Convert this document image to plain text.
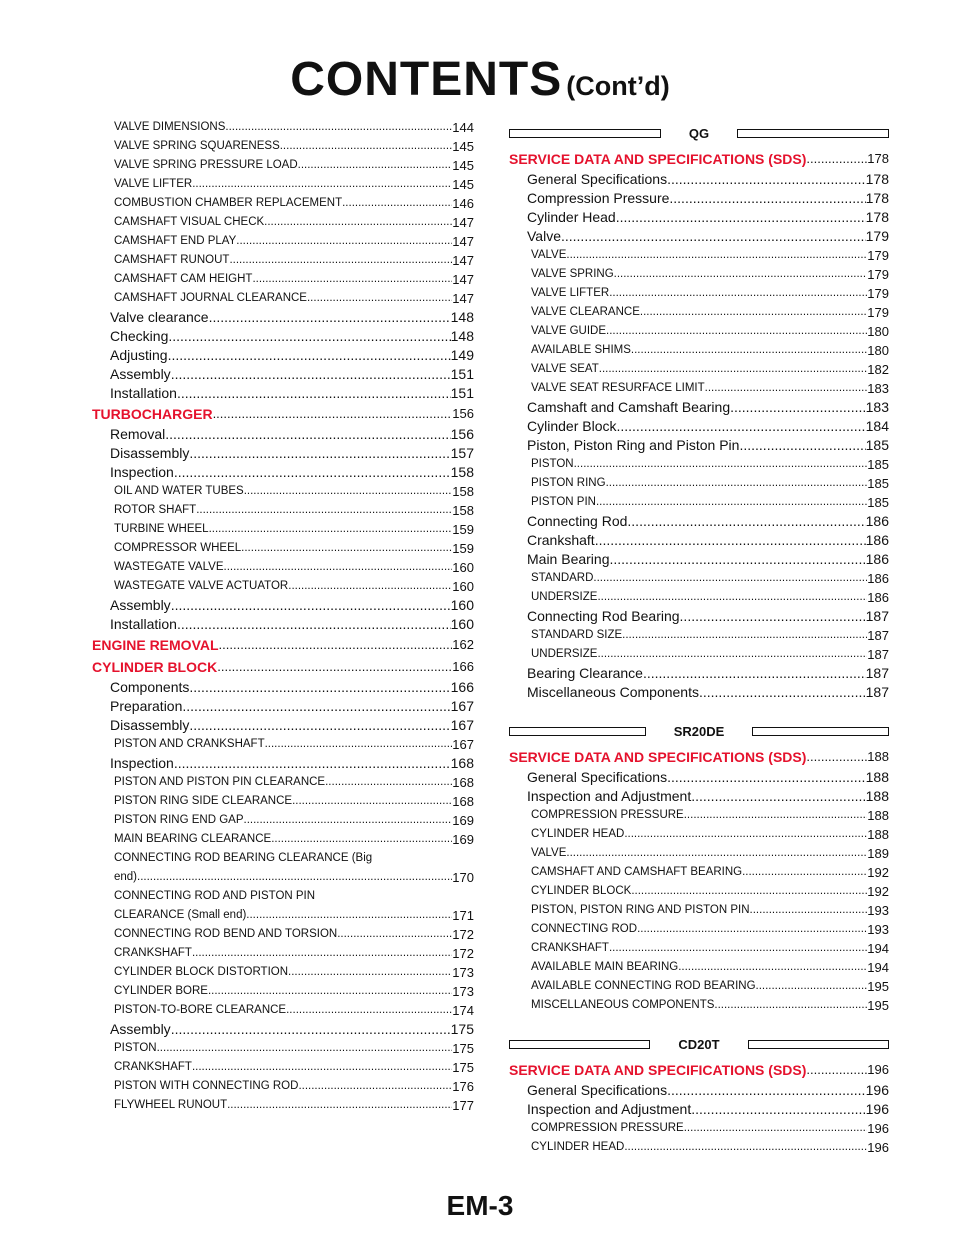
CONTENTS (Cont’d)
VALVE DIMENSIONS .....	144
VALVE SPRING SQUARENESS .....	145
VALVE SPRING PRESSURE LOAD .....	145
VALVE LIFTER .....	145
COMBUSTION CHAMBER REPLACEMENT .....	146
CAMSHAFT VISUAL CHECK .....	147
CAMSHAFT END PLAY .....	147
CAMSHAFT RUNOUT .....	147
CAMSHAFT CAM HEIGHT .....	147
CAMSHAFT JOURNAL CLEARANCE .....	147
Valve clearance .....	148
Checking .....	148
Adjusting .....	149
Assembly .....	151
Installation .....	151
TURBOCHARGER .....	156
Removal .....	156
Disassembly .....	157
Inspection .....	158
OIL AND WATER TUBES .....	158
ROTOR SHAFT .....	158
TURBINE WHEEL .....	159
COMPRESSOR WHEEL .....	159
WASTEGATE VALVE .....	160
WASTEGATE VALVE ACTUATOR .....	160
Assembly .....	160
Installation .....	160
ENGINE REMOVAL .....	162
CYLINDER BLOCK .....	166
Components .....	166
Preparation .....	167
Disassembly .....	167
PISTON AND CRANKSHAFT .....	167
Inspection .....	168
PISTON AND PISTON PIN CLEARANCE .....	168
PISTON RING SIDE CLEARANCE .....	168
PISTON RING END GAP .....	169
MAIN BEARING CLEARANCE .....	169
CONNECTING ROD BEARING CLEARANCE (Big
end) .....	170
CONNECTING ROD AND PISTON PIN
CLEARANCE (Small end) .....	171
CONNECTING ROD BEND AND TORSION .....	172
CRANKSHAFT .....	172
CYLINDER BLOCK DISTORTION .....	173
CYLINDER BORE .....	173
PISTON-TO-BORE CLEARANCE .....	174
Assembly .....	175
PISTON .....	175
CRANKSHAFT .....	175
PISTON WITH CONNECTING ROD .....	176
FLYWHEEL RUNOUT .....	177
QG
SERVICE DATA AND SPECIFICATIONS (SDS) .....	178
General Specifications .....	178
Compression Pressure .....	178
Cylinder Head .....	178
Valve .....	179
VALVE .....	179
VALVE SPRING .....	179
VALVE LIFTER .....	179
VALVE CLEARANCE .....	179
VALVE GUIDE .....	180
AVAILABLE SHIMS .....	180
VALVE SEAT .....	182
VALVE SEAT RESURFACE LIMIT .....	183
Camshaft and Camshaft Bearing .....	183
Cylinder Block .....	184
Piston, Piston Ring and Piston Pin .....	185
PISTON .....	185
PISTON RING .....	185
PISTON PIN .....	185
Connecting Rod .....	186
Crankshaft .....	186
Main Bearing .....	186
STANDARD .....	186
UNDERSIZE .....	186
Connecting Rod Bearing .....	187
STANDARD SIZE .....	187
UNDERSIZE .....	187
Bearing Clearance .....	187
Miscellaneous Components .....	187
SR20DE
SERVICE DATA AND SPECIFICATIONS (SDS) .....	188
General Specifications .....	188
Inspection and Adjustment .....	188
COMPRESSION PRESSURE .....	188
CYLINDER HEAD .....	188
VALVE .....	189
CAMSHAFT AND CAMSHAFT BEARING .....	192
CYLINDER BLOCK .....	192
PISTON, PISTON RING AND PISTON PIN .....	193
CONNECTING ROD .....	193
CRANKSHAFT .....	194
AVAILABLE MAIN BEARING .....	194
AVAILABLE CONNECTING ROD BEARING .....	195
MISCELLANEOUS COMPONENTS .....	195
CD20T
SERVICE DATA AND SPECIFICATIONS (SDS) .....	196
General Specifications .....	196
Inspection and Adjustment .....	196
COMPRESSION PRESSURE .....	196
CYLINDER HEAD .....	196
EM-3
